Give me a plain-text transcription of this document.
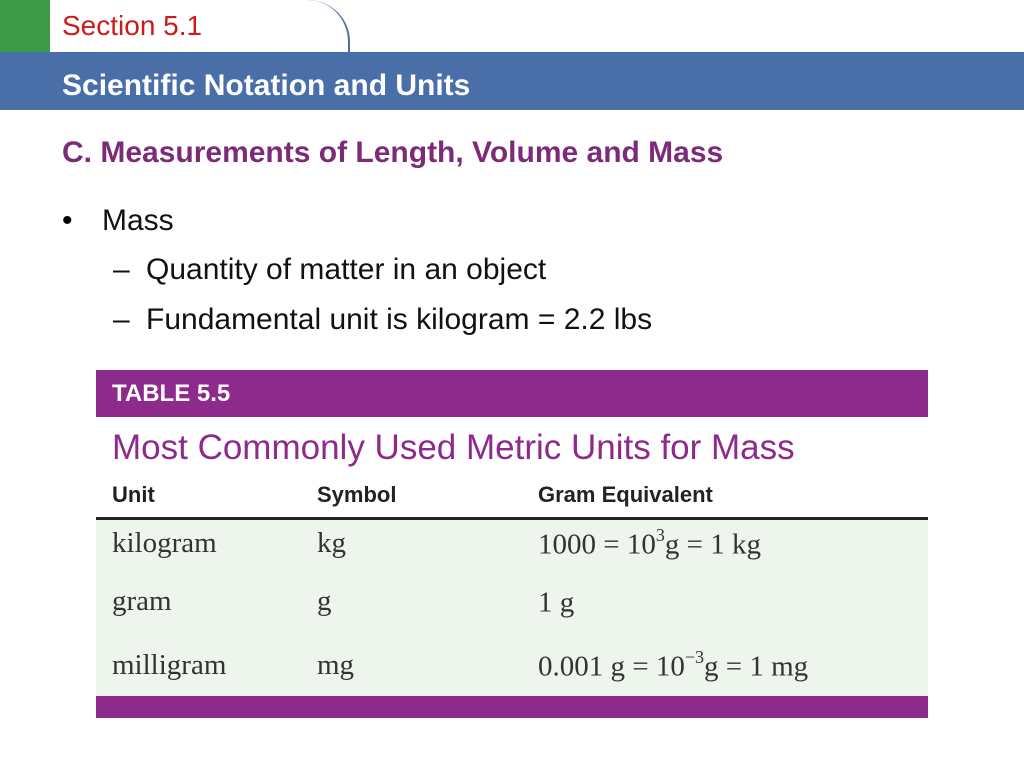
Section 5.1
Scientific Notation and Units
C. Measurements of Length, Volume and Mass
• Mass
– Quantity of matter in an object
– Fundamental unit is kilogram = 2.2 lbs
TABLE 5.5
Most Commonly Used Metric Units for Mass
Unit	Symbol	Gram Equivalent
kilogram	kg	$1000 = 10^3g = 1$ kg
gram	g	1 g
milligram	mg	0.001 $g = 10^{-3}g = 1$ mg
